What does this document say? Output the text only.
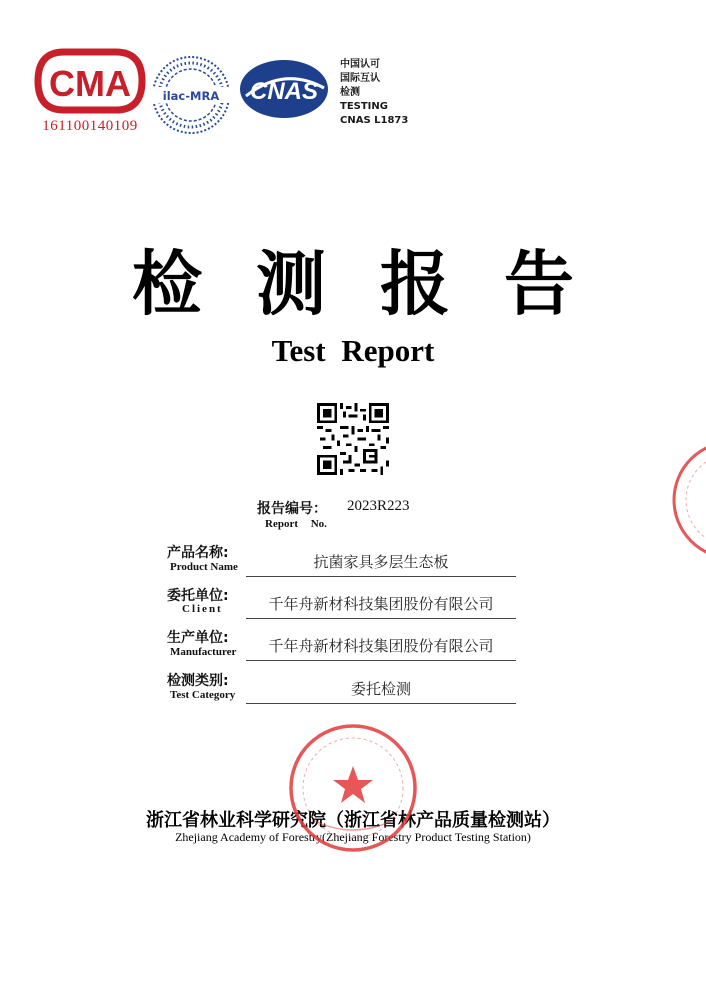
CMA
161100140109
ilac-MRA CNAS
中国认可
国际互认
检测
TESTING
CNAS L1873
检测报告
Test Report
报告编号： 2023R223
Report No.
产品名称:
Product Name	抗菌家具多层生态板
委托单位:
Client	千年舟新材科技集团股份有限公司
生产单位:
Manufacturer	千年舟新材科技集团股份有限公司
检测类别:
Test Category	委托检测
浙江省林业科学研究院（浙江省林产品质量检测站）
Zhejiang Academy of Forestry(Zhejiang Forestry Product Testing Station)
